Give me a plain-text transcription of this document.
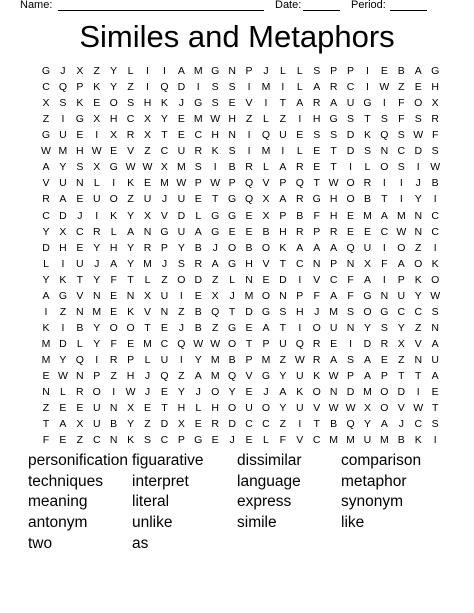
Name:	Date:	Period:
Similes and Metaphors
G J	X Z Y	L	I	I	A M G N P	J	L	L S P P	I	E B A G
C Q P K Y Z	I	Q D	I	S S	I	M	I	L A R C	I	W Z E H
X S K E O S H K	J G S E V	I	T A R A U G	I	F O X
Z	I	G X H C X Y E M W H Z	L	Z	I	H G S T S F S R
G U E	I	X R X T E C H N	I	Q U E S S D K Q S W F
W M H W E V Z C U R K S	I	M	I	L E T D S N C D S
A Y S X G W W X M S	I	B R L A R E T	I	L O S	I	W
V U N L	I	K E M W P W P Q V P Q T W O R	I	I	J	B
R A E U O Z U	J	U E T G Q X A R G H O B T	I	Y	I
C D	J	I	K Y X V D L G G E X P B F H E M A M N C
Y X C R L A N G U A G E E B H R P R E E C W N C
D H E Y H Y R P Y B	J O B O K A A A Q U	I	O Z	I
L	I	U	J	A Y M J	S R A G H V T C N P N X F A O K
Y K T Y F	T	L	Z O D Z	L N E D	I	V C F A	I	P K O
A G V N E N X U	I	E X	J M O N P F A F G N U Y W
I	Z N M E K V N Z B Q T D G S H	J M S O G C C S
K	I	B Y O O T E	J	B Z G E A T	I	O U N Y S Y Z N
M D L Y F E M C Q W W O T P U Q R E	I	D R X V A
M Y Q	I	R P	L U	I	Y M B P M Z W R A S A E Z N U
E W N P Z H	J Q Z A M Q V G Y U K W P A P T	T A
N L R O	I	W J	E Y	J O Y E	J	A K O N D M O D	I	E
Z E E U N X E T H L H O U O Y U V W W X O V W T
T A X U B Y Z D X E R D C C Z	I	T B Q Y A	J	C S
F E Z C N K S C P G E	J	E	L	F V C M M U M B K	I
personification figuarative dissimilar	comparison
techniques interpret	language	metaphor
meaning	literal	express	synonym
antonym	unlike	simile	like
two	as
